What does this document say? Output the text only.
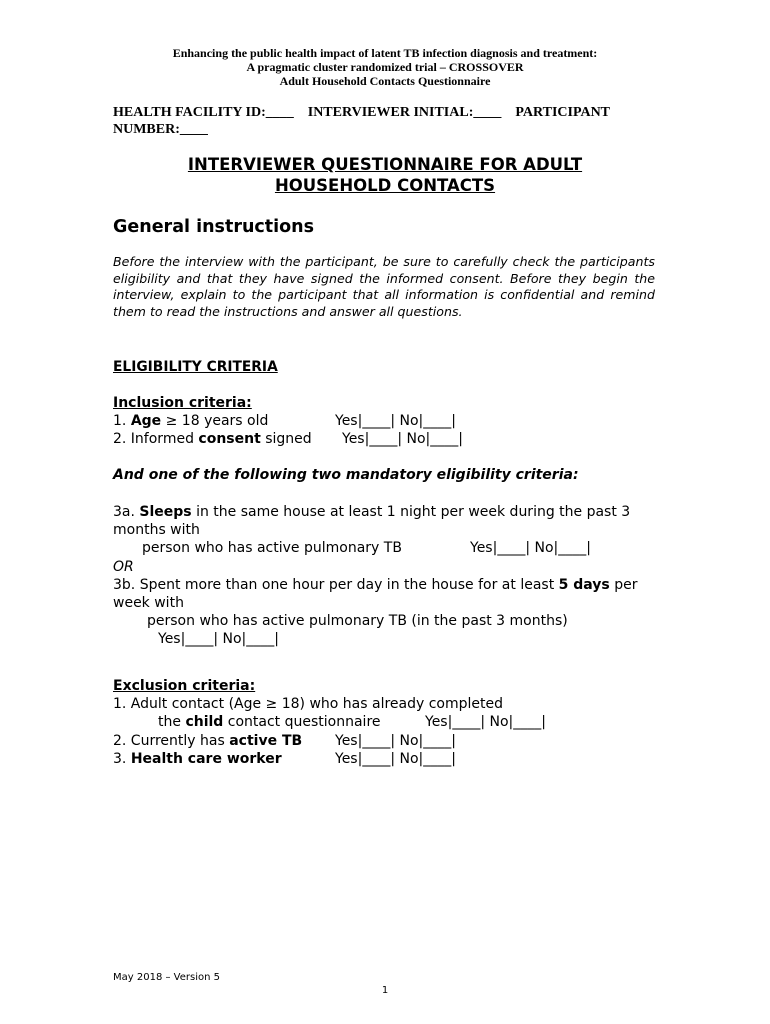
Enhancing the public health impact of latent TB infection diagnosis and treatment:
A pragmatic cluster randomized trial – CROSSOVER
Adult Household Contacts Questionnaire
HEALTH FACILITY ID:____ INTERVIEWER INITIAL:____ PARTICIPANT
NUMBER:____
INTERVIEWER QUESTIONNAIRE FOR ADULT
HOUSEHOLD CONTACTS
General instructions
Before the interview with the participant, be sure to carefully check the participants eligibility and that they have signed the informed consent. Before they begin the interview, explain to the participant that all information is confidential and remind them to read the instructions and answer all questions.
ELIGIBILITY CRITERIA
Inclusion criteria:
1. Age ≥ 18 years old	Yes|____| No|____|
2. Informed consent signed Yes|____| No|____|
And one of the following two mandatory eligibility criteria:
3a. Sleeps in the same house at least 1 night per week during the past 3 months with
person who has active pulmonary TB	Yes|____| No|____|
OR
3b. Spent more than one hour per day in the house for at least 5 days per week with
person who has active pulmonary TB (in the past 3 months)
Yes|____| No|____|
Exclusion criteria:
1. Adult contact (Age ≥ 18) who has already completed
the child contact questionnaire	Yes|____| No|____|
2. Currently has active TB Yes|____| No|____|
3. Health care worker	Yes|____| No|____|
May 2018 – Version 5
1
